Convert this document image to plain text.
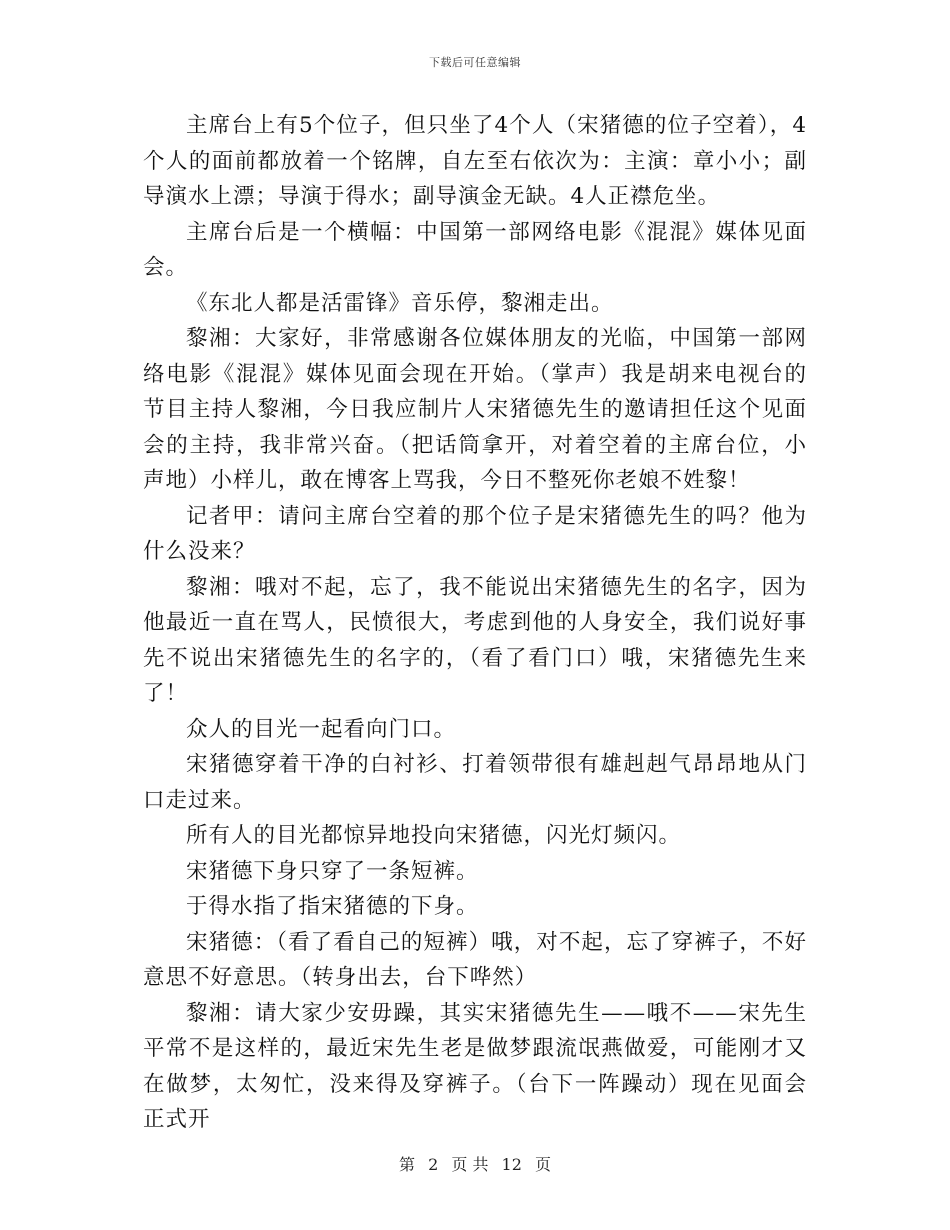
下载后可任意编辑

主席台上有5个位子，但只坐了4个人（宋猪德的位子空着），4个人的面前都放着一个铭牌，自左至右依次为：主演：章小小；副导演水上漂；导演于得水；副导演金无缺。4人正襟危坐。

主席台后是一个横幅：中国第一部网络电影《混混》媒体见面会。

《东北人都是活雷锋》音乐停，黎湘走出。

黎湘：大家好，非常感谢各位媒体朋友的光临，中国第一部网络电影《混混》媒体见面会现在开始。（掌声）我是胡来电视台的节目主持人黎湘，今日我应制片人宋猪德先生的邀请担任这个见面会的主持，我非常兴奋。（把话筒拿开，对着空着的主席台位，小声地）小样儿，敢在博客上骂我，今日不整死你老娘不姓黎！

记者甲：请问主席台空着的那个位子是宋猪德先生的吗？他为什么没来？

黎湘：哦对不起，忘了，我不能说出宋猪德先生的名字，因为他最近一直在骂人，民愤很大，考虑到他的人身安全，我们说好事先不说出宋猪德先生的名字的，（看了看门口）哦，宋猪德先生来了！

众人的目光一起看向门口。

宋猪德穿着干净的白衬衫、打着领带很有雄赳赳气昂昂地从门口走过来。

所有人的目光都惊异地投向宋猪德，闪光灯频闪。

宋猪德下身只穿了一条短裤。

于得水指了指宋猪德的下身。

宋猪德：（看了看自己的短裤）哦，对不起，忘了穿裤子，不好意思不好意思。（转身出去，台下哗然）

黎湘：请大家少安毋躁，其实宋猪德先生——哦不——宋先生平常不是这样的，最近宋先生老是做梦跟流氓燕做爱，可能刚才又在做梦，太匆忙，没来得及穿裤子。（台下一阵躁动）现在见面会正式开

第 2 页 共 12 页
